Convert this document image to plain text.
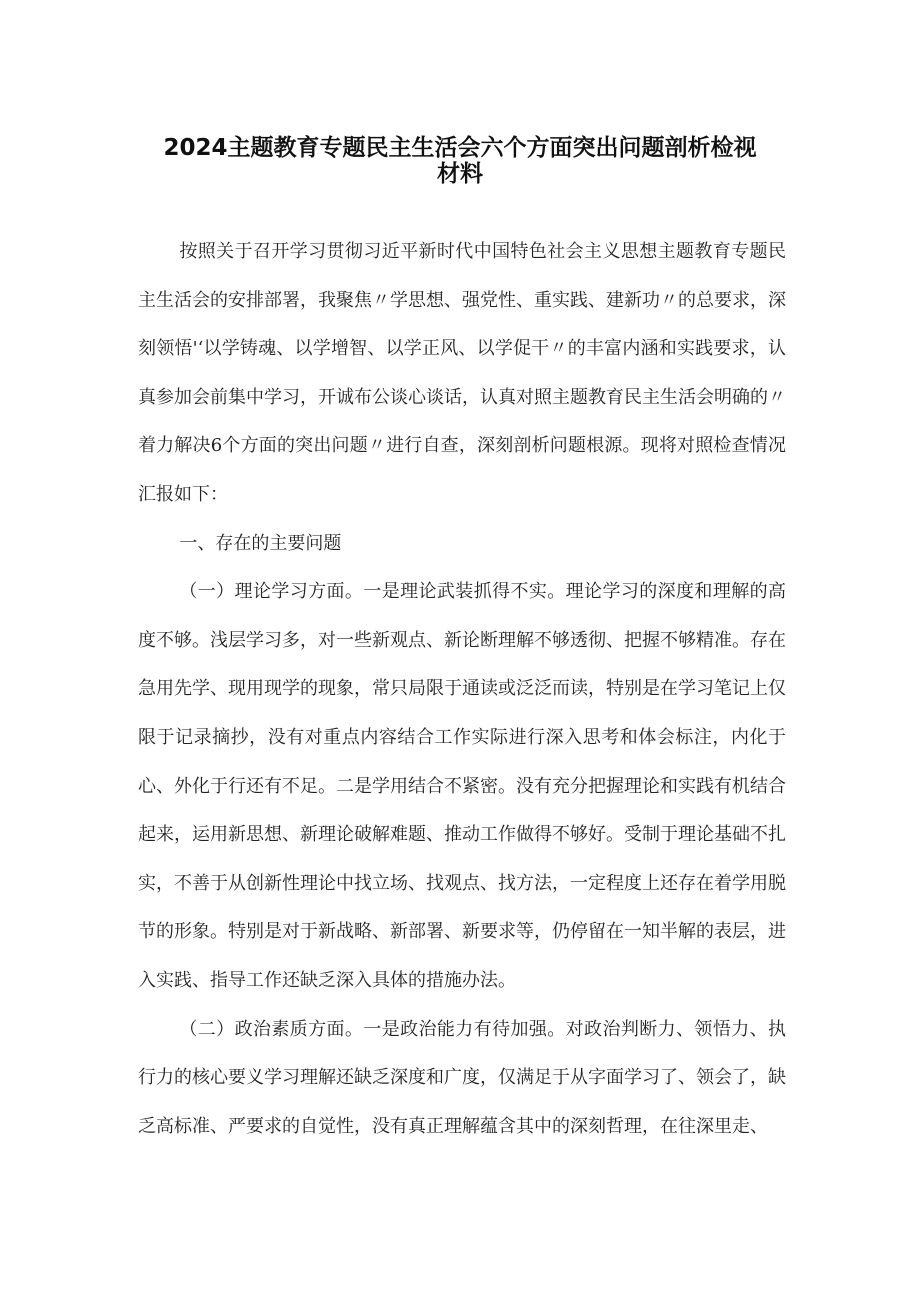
2024主题教育专题民主生活会六个方面突出问题剖析检视
材料

按照关于召开学习贯彻习近平新时代中国特色社会主义思想主题教育专题民主生活会的安排部署，我聚焦〃学思想、强党性、重实践、建新功〃的总要求，深刻领悟'‘以学铸魂、以学增智、以学正风、以学促干〃的丰富内涵和实践要求，认真参加会前集中学习，开诚布公谈心谈话，认真对照主题教育民主生活会明确的〃着力解决6个方面的突出问题〃进行自查，深刻剖析问题根源。现将对照检查情况汇报如下：

一、存在的主要问题

（一）理论学习方面。一是理论武装抓得不实。理论学习的深度和理解的高度不够。浅层学习多，对一些新观点、新论断理解不够透彻、把握不够精准。存在急用先学、现用现学的现象，常只局限于通读或泛泛而读，特别是在学习笔记上仅限于记录摘抄，没有对重点内容结合工作实际进行深入思考和体会标注，内化于心、外化于行还有不足。二是学用结合不紧密。没有充分把握理论和实践有机结合起来，运用新思想、新理论破解难题、推动工作做得不够好。受制于理论基础不扎实，不善于从创新性理论中找立场、找观点、找方法，一定程度上还存在着学用脱节的形象。特别是对于新战略、新部署、新要求等，仍停留在一知半解的表层，进入实践、指导工作还缺乏深入具体的措施办法。

（二）政治素质方面。一是政治能力有待加强。对政治判断力、领悟力、执行力的核心要义学习理解还缺乏深度和广度，仅满足于从字面学习了、领会了，缺乏高标准、严要求的自觉性，没有真正理解蕴含其中的深刻哲理，在往深里走、
